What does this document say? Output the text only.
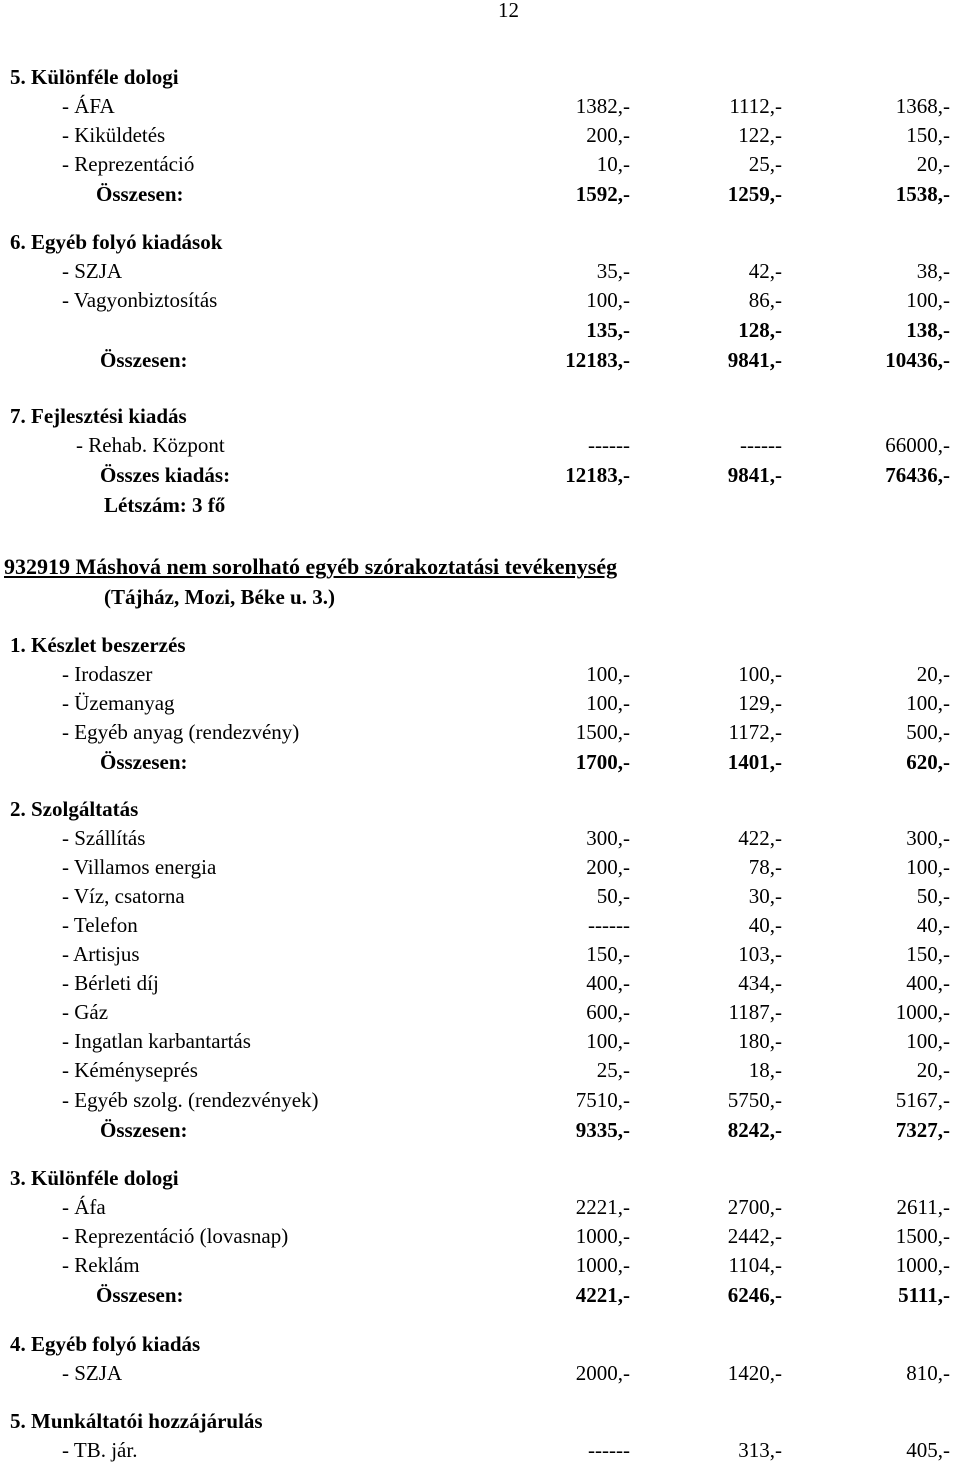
12
5. Különféle dologi
- ÁFA	1382,-	1112,-	1368,-
- Kiküldetés	200,-	122,-	150,-
- Reprezentáció	10,-	25,-	20,-
Összesen:	1592,-	1259,-	1538,-
6. Egyéb folyó kiadások
- SZJA	35,-	42,-	38,-
- Vagyonbiztosítás	100,-	86,-	100,-
135,-	128,-	138,-
Összesen:	12183,-	9841,-	10436,-
7. Fejlesztési kiadás
- Rehab. Központ	------	------	66000,-
Összes kiadás:	12183,-	9841,-	76436,-
Létszám: 3 fő
932919 Máshová nem sorolható egyéb szórakoztatási tevékenység
(Tájház, Mozi, Béke u. 3.)
1. Készlet beszerzés
- Irodaszer	100,-	100,-	20,-
- Üzemanyag	100,-	129,-	100,-
- Egyéb anyag (rendezvény)	1500,-	1172,-	500,-
Összesen:	1700,-	1401,-	620,-
2. Szolgáltatás
- Szállítás	300,-	422,-	300,-
- Villamos energia	200,-	78,-	100,-
- Víz, csatorna	50,-	30,-	50,-
- Telefon	------	40,-	40,-
- Artisjus	150,-	103,-	150,-
- Bérleti díj	400,-	434,-	400,-
- Gáz	600,-	1187,-	1000,-
- Ingatlan karbantartás	100,-	180,-	100,-
- Kéményseprés	25,-	18,-	20,-
- Egyéb szolg. (rendezvények)	7510,-	5750,-	5167,-
Összesen:	9335,-	8242,-	7327,-
3. Különféle dologi
- Áfa	2221,-	2700,-	2611,-
- Reprezentáció (lovasnap)	1000,-	2442,-	1500,-
- Reklám	1000,-	1104,-	1000,-
Összesen:	4221,-	6246,-	5111,-
4. Egyéb folyó kiadás
- SZJA	2000,-	1420,-	810,-
5. Munkáltatói hozzájárulás
- TB. jár.	------	313,-	405,-
